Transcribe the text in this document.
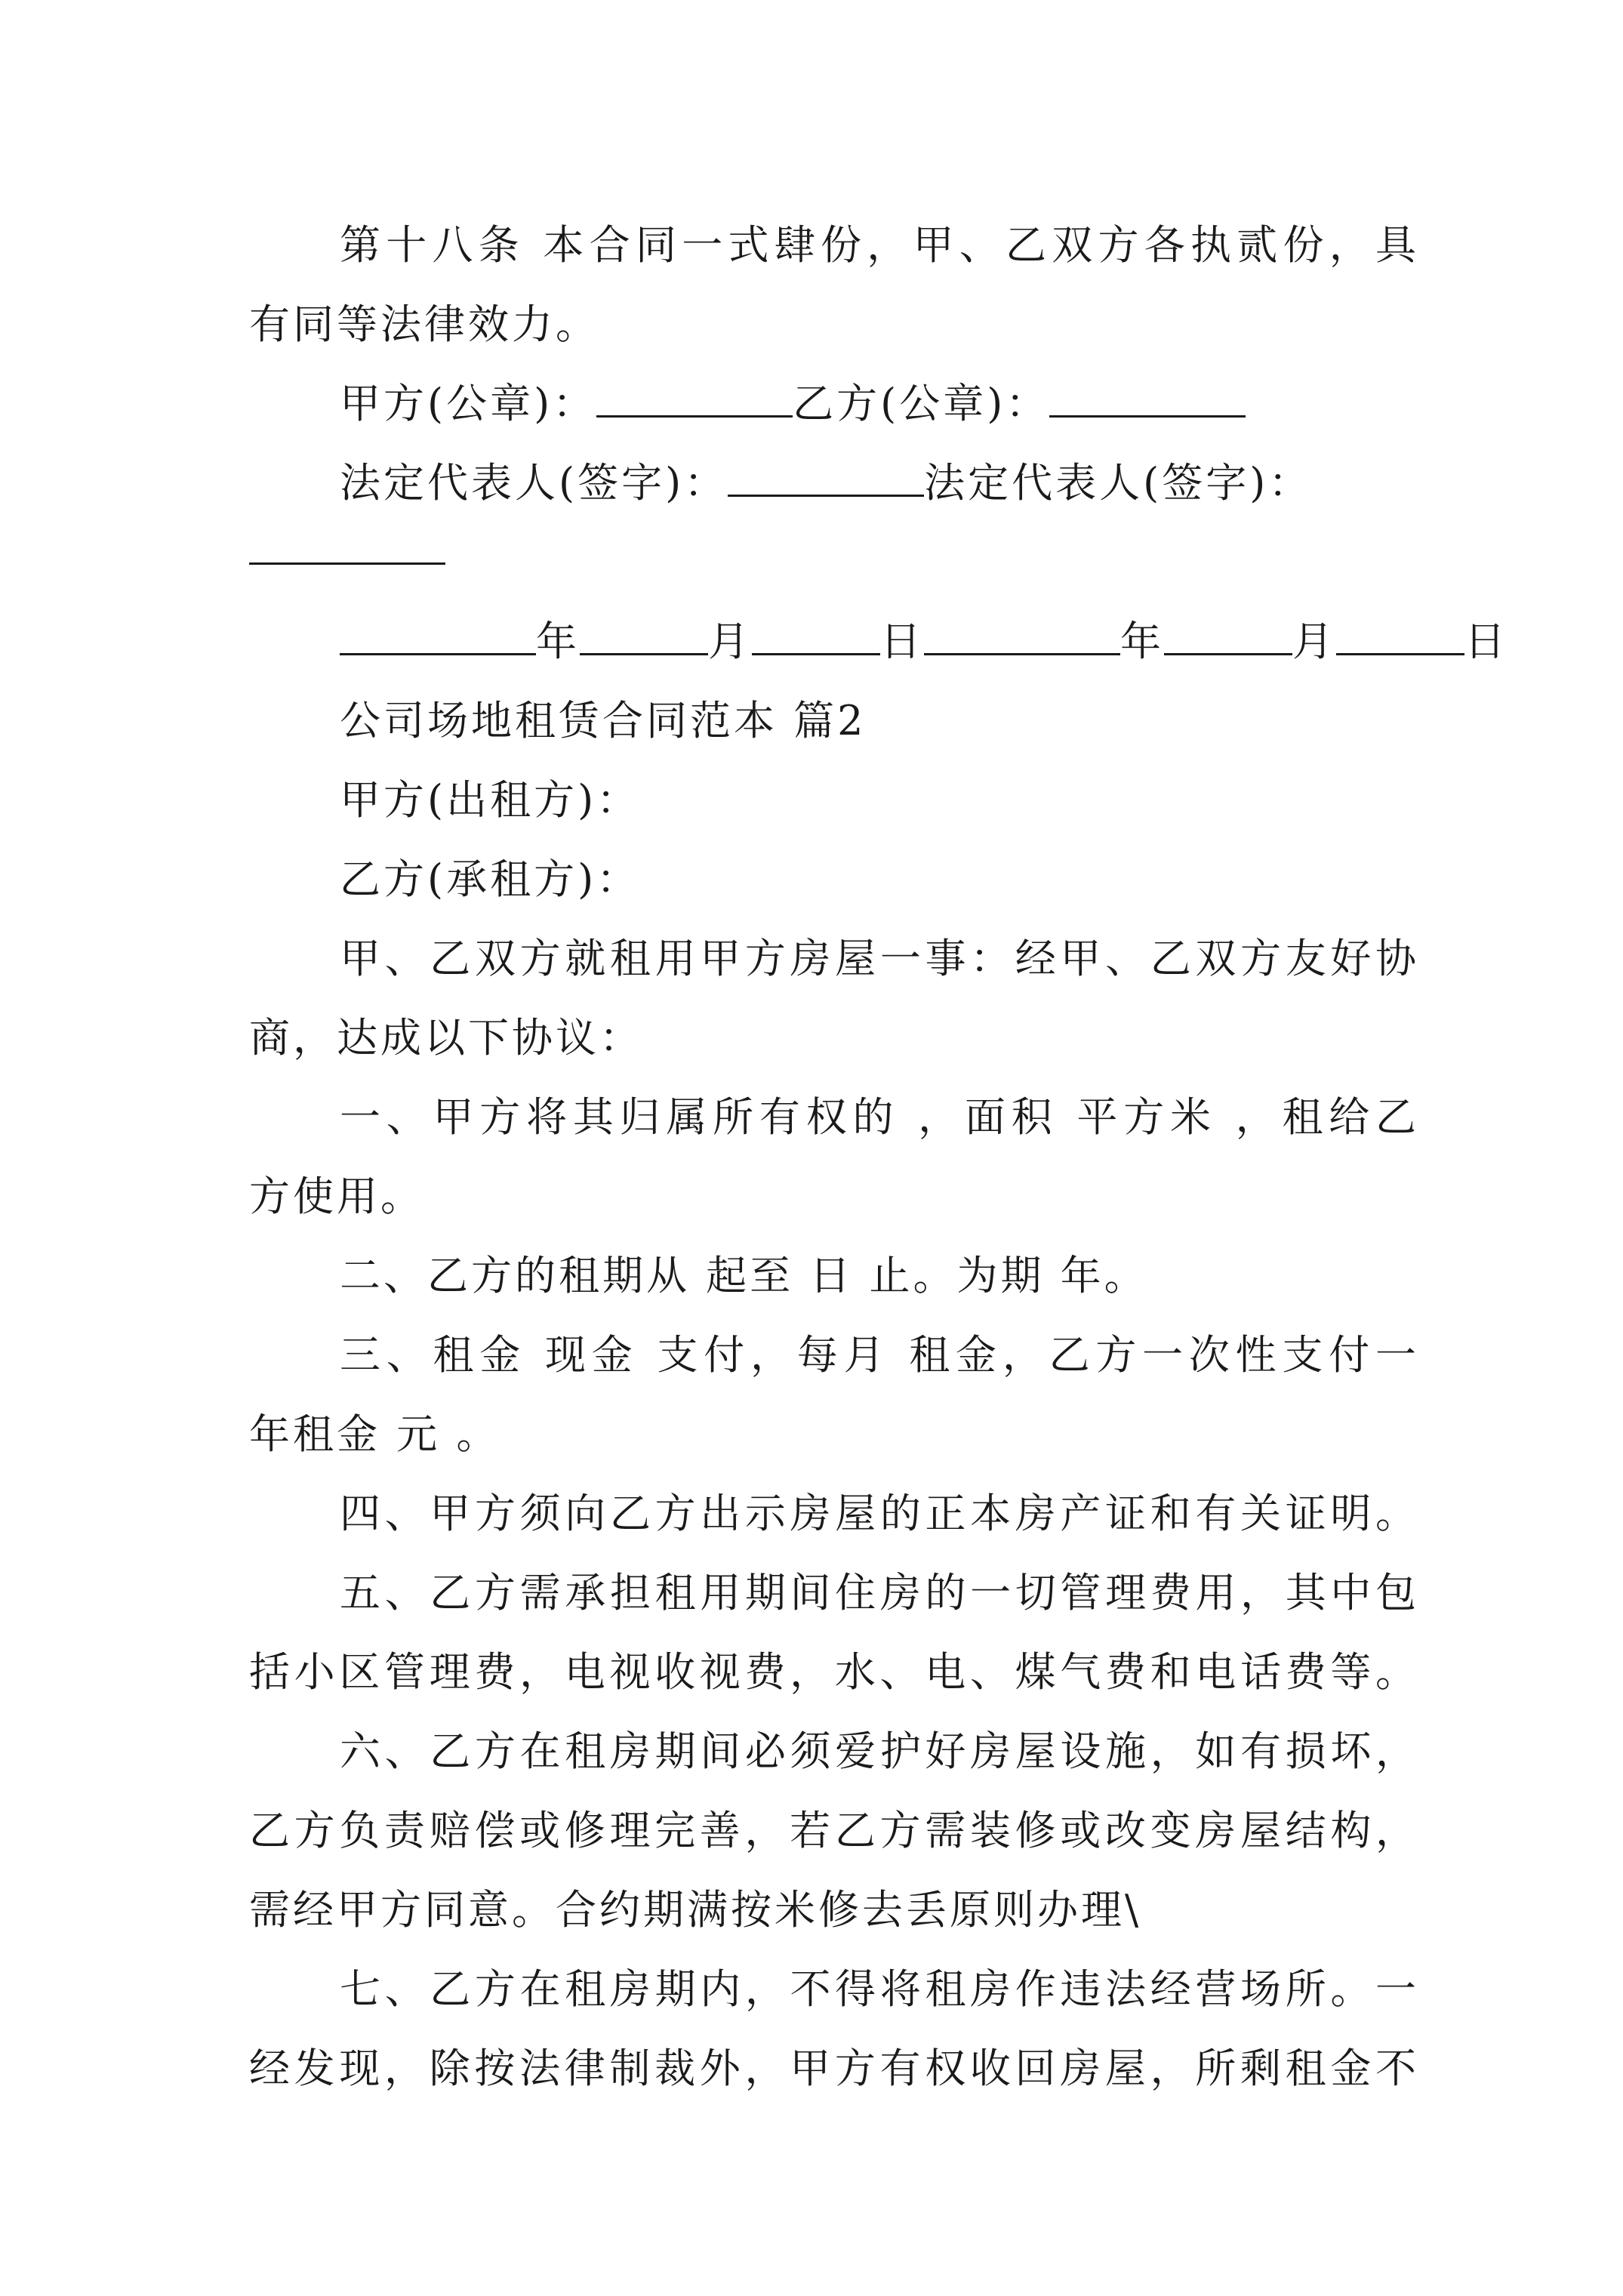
第十八条 本合同一式肆份，甲、乙双方各执贰份，具
有同等法律效力。
甲方(公章)：	乙方(公章)：
法定代表人(签字)：	法定代表人(签字)：
年	月	日	年	月	日
公司场地租赁合同范本 篇2
甲方(出租方)：
乙方(承租方)：
甲、乙双方就租用甲方房屋一事：经甲、乙双方友好协
商，达成以下协议：
一、甲方将其归属所有权的 ，面积 平方米 ，租给乙
方使用。
二、乙方的租期从 起至 日 止。为期 年。
三、租金 现金 支付，每月 租金，乙方一次性支付一
年租金 元 。
四、甲方须向乙方出示房屋的正本房产证和有关证明。
五、乙方需承担租用期间住房的一切管理费用，其中包
括小区管理费，电视收视费，水、电、煤气费和电话费等。
六、乙方在租房期间必须爱护好房屋设施，如有损坏，
乙方负责赔偿或修理完善，若乙方需装修或改变房屋结构，
需经甲方同意。合约期满按米修去丢原则办理\
七、乙方在租房期内，不得将租房作违法经营场所。一
经发现，除按法律制裁外，甲方有权收回房屋，所剩租金不
